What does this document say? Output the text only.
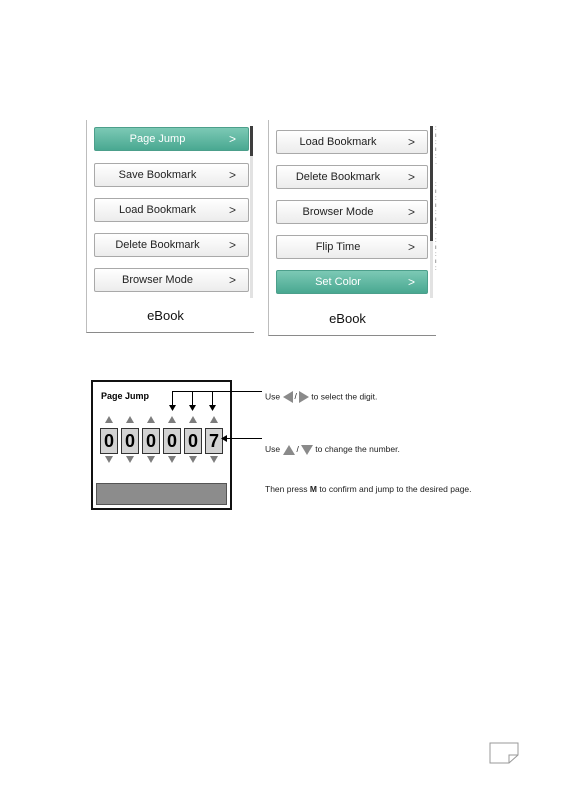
Page Jump	>
Save Bookmark	>
Load Bookmark	>
Delete Bookmark	>
Browser Mode	>
eBook
Load Bookmark	>
Delete Bookmark	>
Browser Mode	>
Flip Time	>
Set Color	>
:
ı
:
ı
:
·

:
ı
:
ı
:
ı
:
·
:
ı
:
ı
:
eBook
Page Jump
0 0 0 0 0 7
Use / to select the digit.
Use / to change the number.
Then press M to confirm and jump to the desired page.
